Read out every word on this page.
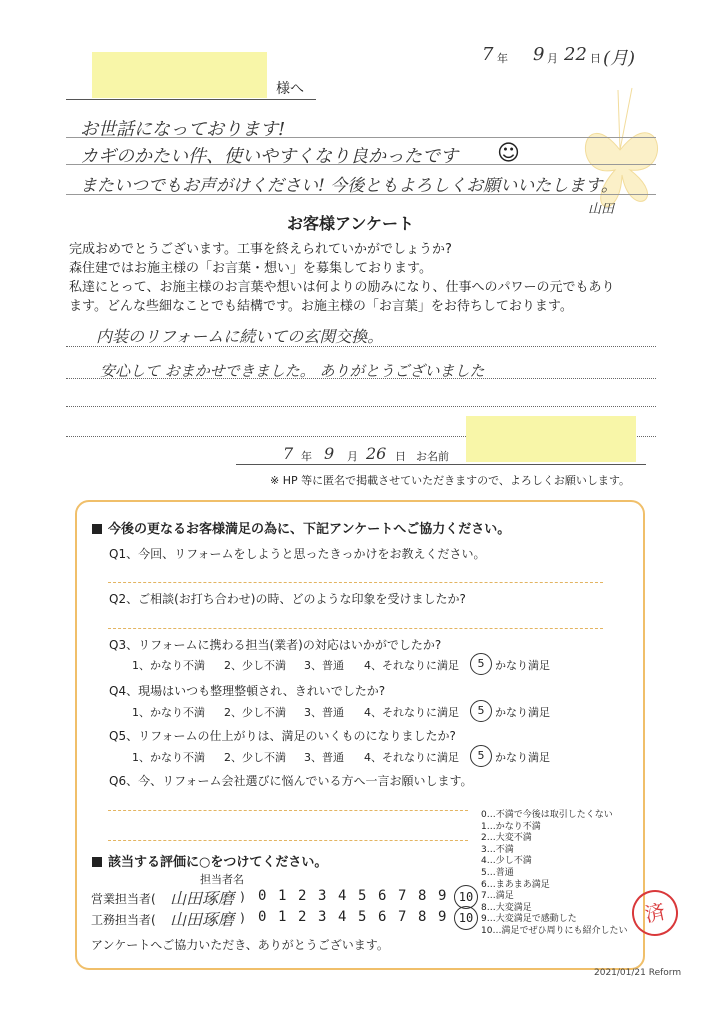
7 年 9 月 22 日 (月)
様へ
お世話になっております!
カギのかたい件、使いやすくなり良かったです ☺
またいつでもお声がけください! 今後ともよろしくお願いいたします。
山田
お客様アンケート
完成おめでとうございます。工事を終えられていかがでしょうか?
森住建ではお施主様の「お言葉・想い」を募集しております。
私達にとって、お施主様のお言葉や想いは何よりの励みになり、仕事へのパワーの元でもあり
ます。どんな些細なことでも結構です。お施主様の「お言葉」をお待ちしております。
内装のリフォームに続いての玄関交換。
安心して おまかせできました。 ありがとうございました
7 年 9 月 26 日 お名前
※ HP 等に匿名で掲載させていただきますので、よろしくお願いします。
今後の更なるお客様満足の為に、下記アンケートへご協力ください。
Q1、今回、リフォームをしようと思ったきっかけをお教えください。
Q2、ご相談(お打ち合わせ)の時、どのような印象を受けましたか?
Q3、リフォームに携わる担当(業者)の対応はいかがでしたか?
1、かなり不満 2、少し不満 3、普通 4、それなりに満足	5 かなり満足
Q4、現場はいつも整理整頓され、きれいでしたか?
1、かなり不満 2、少し不満 3、普通 4、それなりに満足	5 かなり満足
Q5、リフォームの仕上がりは、満足のいくものになりましたか?
1、かなり不満 2、少し不満 3、普通 4、それなりに満足	5 かなり満足
Q6、今、リフォーム会社選びに悩んでいる方へ一言お願いします。
該当する評価に○をつけてください。
担当者名
営業担当者( 山田琢磨 ) 0 1 2 3 4 5 6 7 8 9	10
工務担当者( 山田琢磨 ) 0 1 2 3 4 5 6 7 8 9	10
アンケートへご協力いただき、ありがとうございます。
0…不満で今後は取引したくない
1…かなり不満
2…大変不満
3…不満
4…少し不満
5…普通
6…まあまあ満足
7…満足
8…大変満足
9…大変満足で感動した
10…満足でぜひ周りにも紹介したい
済
2021/01/21 Reform
